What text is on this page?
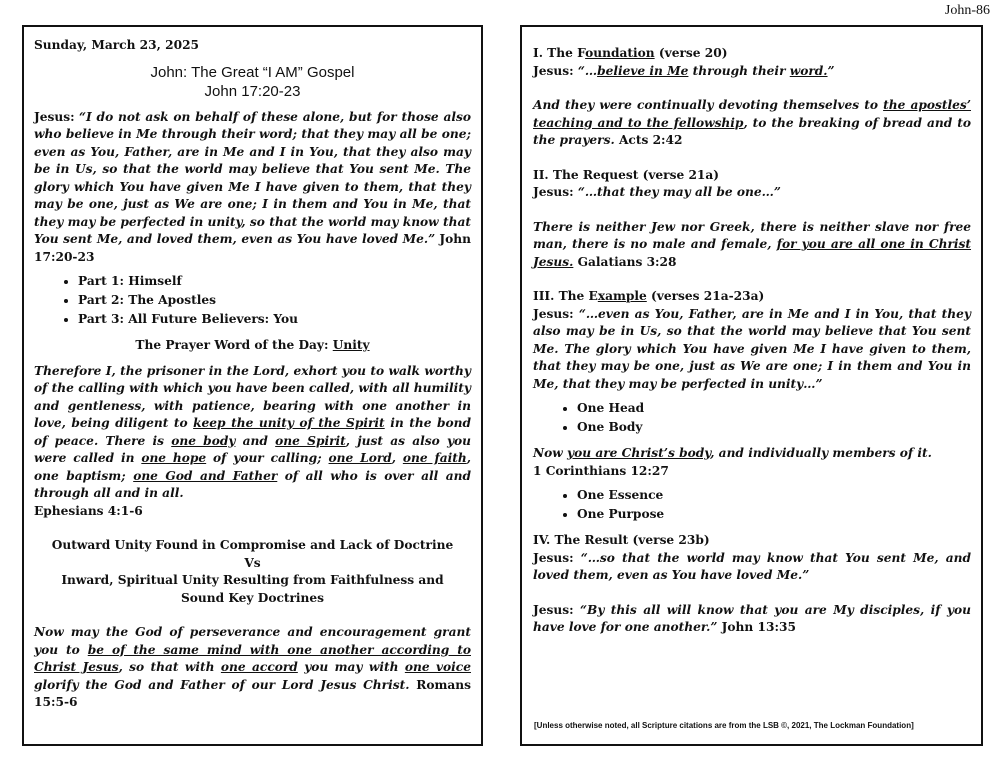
John-86
Sunday, March 23, 2025
John: The Great “I AM” Gospel
John 17:20-23

Jesus: “I do not ask on behalf of these alone, but for those also who believe in Me through their word; that they may all be one; even as You, Father, are in Me and I in You, that they also may be in Us, so that the world may believe that You sent Me. The glory which You have given Me I have given to them, that they may be one, just as We are one; I in them and You in Me, that they may be perfected in unity, so that the world may know that You sent Me, and loved them, even as You have loved Me.” John 17:20-23

• Part 1: Himself
• Part 2: The Apostles
• Part 3: All Future Believers: You
The Prayer Word of the Day: Unity

Therefore I, the prisoner in the Lord, exhort you to walk worthy of the calling with which you have been called, with all humility and gentleness, with patience, bearing with one another in love, being diligent to keep the unity of the Spirit in the bond of peace. There is one body and one Spirit, just as also you were called in one hope of your calling; one Lord, one faith, one baptism; one God and Father of all who is over all and through all and in all.
Ephesians 4:1-6

Outward Unity Found in Compromise and Lack of Doctrine
Vs
Inward, Spiritual Unity Resulting from Faithfulness and
Sound Key Doctrines

Now may the God of perseverance and encouragement grant you to be of the same mind with one another according to Christ Jesus, so that with one accord you may with one voice glorify the God and Father of our Lord Jesus Christ. Romans 15:5-6

I. The Foundation (verse 20)
Jesus: “…believe in Me through their word.”

And they were continually devoting themselves to the apostles’ teaching and to the fellowship, to the breaking of bread and to the prayers. Acts 2:42

II. The Request (verse 21a)
Jesus: “…that they may all be one…”

There is neither Jew nor Greek, there is neither slave nor free man, there is no male and female, for you are all one in Christ Jesus. Galatians 3:28

III. The Example (verses 21a-23a)

Jesus: “…even as You, Father, are in Me and I in You, that they also may be in Us, so that the world may believe that You sent Me. The glory which You have given Me I have given to them, that they may be one, just as We are one; I in them and You in Me, that they may be perfected in unity…”

• One Head
• One Body

Now you are Christ’s body, and individually members of it.
1 Corinthians 12:27

• One Essence
• One Purpose
IV. The Result (verse 23b)

Jesus: “…so that the world may know that You sent Me, and loved them, even as You have loved Me.”

Jesus: “By this all will know that you are My disciples, if you have love for one another.” John 13:35

[Unless otherwise noted, all Scripture citations are from the LSB ©, 2021, The Lockman Foundation]
